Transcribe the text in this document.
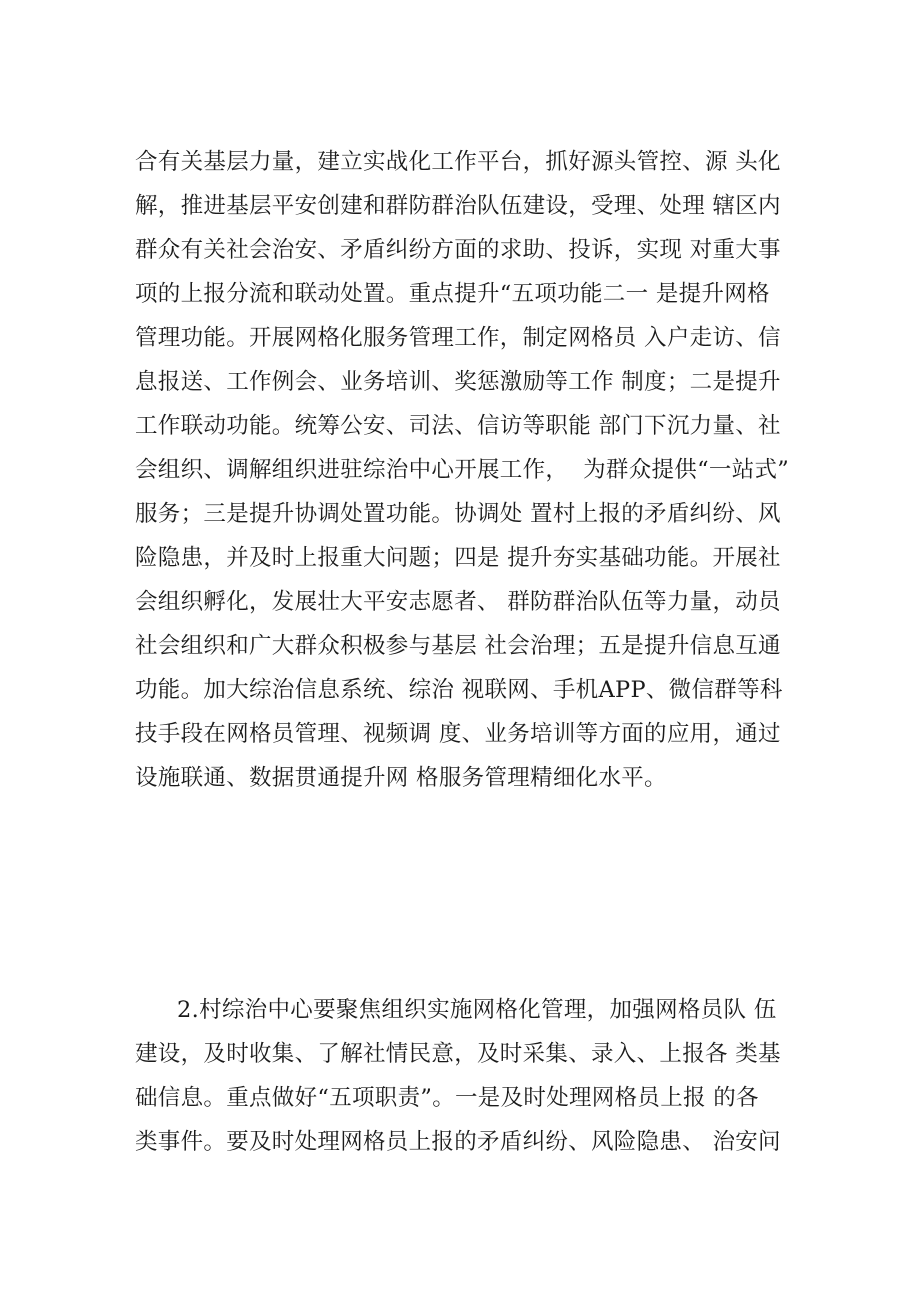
合有关基层力量，建立实战化工作平台，抓好源头管控、源 头化
解，推进基层平安创建和群防群治队伍建设，受理、处理 辖区内
群众有关社会治安、矛盾纠纷方面的求助、投诉，实现 对重大事
项的上报分流和联动处置。重点提升“五项功能二一 是提升网格
管理功能。开展网格化服务管理工作，制定网格员 入户走访、信
息报送、工作例会、业务培训、奖惩激励等工作 制度；二是提升
工作联动功能。统筹公安、司法、信访等职能 部门下沉力量、社
会组织、调解组织进驻综治中心开展工作，  为群众提供“一站式”
服务；三是提升协调处置功能。协调处 置村上报的矛盾纠纷、风
险隐患，并及时上报重大问题；四是 提升夯实基础功能。开展社
会组织孵化，发展壮大平安志愿者、 群防群治队伍等力量，动员
社会组织和广大群众积极参与基层 社会治理；五是提升信息互通
功能。加大综治信息系统、综治 视联网、手机APP、微信群等科
技手段在网格员管理、视频调 度、业务培训等方面的应用，通过
设施联通、数据贯通提升网 格服务管理精细化水平。
2.村综治中心要聚焦组织实施网格化管理，加强网格员队 伍
建设，及时收集、了解社情民意，及时采集、录入、上报各 类基
础信息。重点做好“五项职责”。一是及时处理网格员上报 的各
类事件。要及时处理网格员上报的矛盾纠纷、风险隐患、 治安问
